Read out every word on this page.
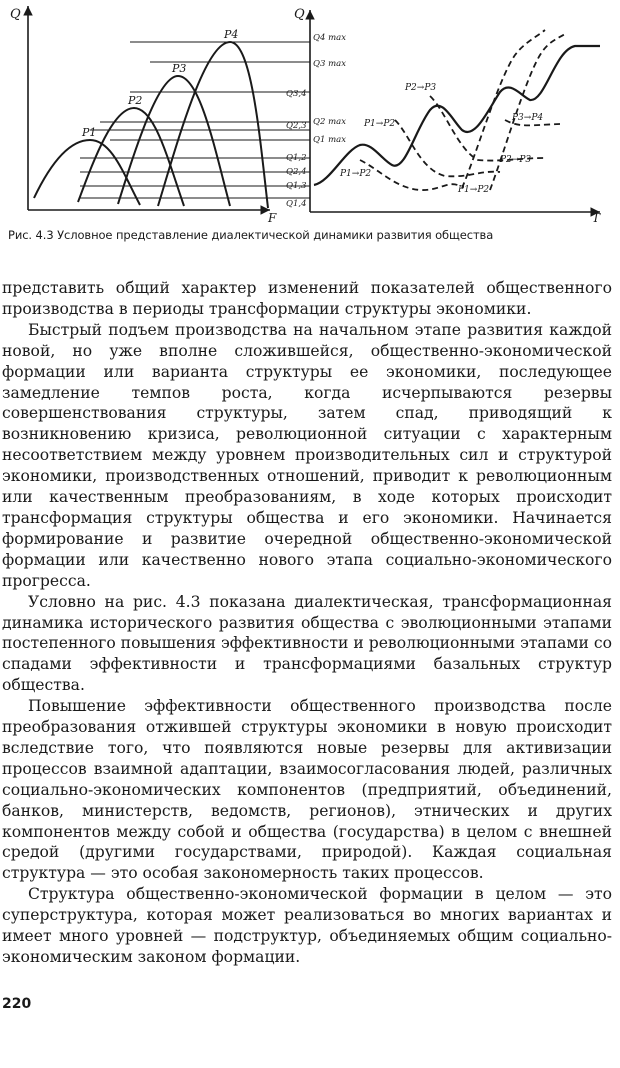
Q
F
P1
P2
P3
P4
Q
T
Q4 max
Q3 max
Q3,4
Q2,3 Q2 max
Q1 max
Q1,2
Q2,4
Q1,3
Q1,4
P2→P3
P1→P2
P1→P2
P3→P4
P2→P3
P1→P2
Рис. 4.3 Условное представление диалектической динамики развития общества

представить общий характер изменений показателей общественного производства в периоды трансформации структуры экономики.

Быстрый подъем производства на начальном этапе развития каждой новой, но уже вполне сложившейся, общественно-экономической формации или варианта структуры ее экономики, последующее замедление темпов роста, когда исчерпываются резервы совершенствования структуры, затем спад, приводящий к возникновению кризиса, революционной ситуации с характерным несоответствием между уровнем производительных сил и структурой экономики, производственных отношений, приводит к революционным или качественным преобразованиям, в ходе которых происходит трансформация структуры общества и его экономики. Начинается формирование и развитие очередной общественно-экономической формации или качественно нового этапа социально-экономического прогресса.

Условно на рис. 4.3 показана диалектическая, трансформационная динамика исторического развития общества с эволюционными этапами постепенного повышения эффективности и революционными этапами со спадами эффективности и трансформациями базальных структур общества.

Повышение эффективности общественного производства после преобразования отжившей структуры экономики в новую происходит вследствие того, что появляются новые резервы для активизации процессов взаимной адаптации, взаимосогласования людей, различных социально-экономических компонентов (предприятий, объединений, банков, министерств, ведомств, регионов), этнических и других компонентов между собой и общества (государства) в целом с внешней средой (другими государствами, природой). Каждая социальная структура — это особая закономерность таких процессов.

Структура общественно-экономической формации в целом — это суперструктура, которая может реализоваться во многих вариантах и имеет много уровней — подструктур, объединяемых общим социально-экономическим законом формации.

220
